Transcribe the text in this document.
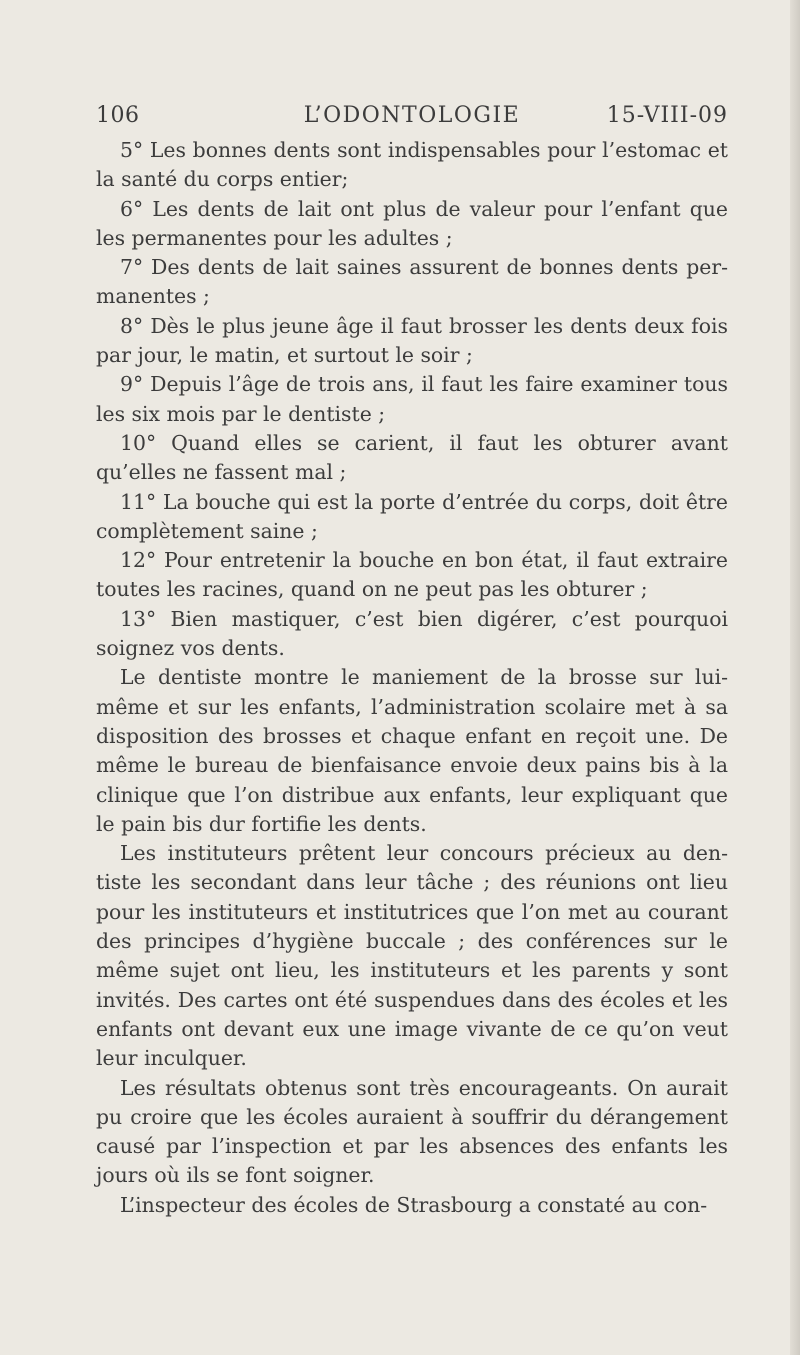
106	L’ODONTOLOGIE	15-VIII-09

5° Les bonnes dents sont indispensables pour l’estomac et la santé du corps entier;

6° Les dents de lait ont plus de valeur pour l’enfant que les permanentes pour les adultes ;

7° Des dents de lait saines assurent de bonnes dents per-manentes ;

8° Dès le plus jeune âge il faut brosser les dents deux fois par jour, le matin, et surtout le soir ;

9° Depuis l’âge de trois ans, il faut les faire examiner tous les six mois par le dentiste ;

10° Quand elles se carient, il faut les obturer avant qu’elles ne fassent mal ;

11° La bouche qui est la porte d’entrée du corps, doit être complètement saine ;

12° Pour entretenir la bouche en bon état, il faut extraire toutes les racines, quand on ne peut pas les obturer ;

13° Bien mastiquer, c’est bien digérer, c’est pourquoi soignez vos dents.

Le dentiste montre le maniement de la brosse sur lui-même et sur les enfants, l’administration scolaire met à sa disposition des brosses et chaque enfant en reçoit une. De même le bureau de bienfaisance envoie deux pains bis à la clinique que l’on distribue aux enfants, leur expliquant que le pain bis dur fortifie les dents.

Les instituteurs prêtent leur concours précieux au den-tiste les secondant dans leur tâche ; des réunions ont lieu pour les instituteurs et institutrices que l’on met au courant des principes d’hygiène buccale ; des conférences sur le même sujet ont lieu, les instituteurs et les parents y sont invités. Des cartes ont été suspendues dans des écoles et les enfants ont devant eux une image vivante de ce qu’on veut leur inculquer.

Les résultats obtenus sont très encourageants. On aurait pu croire que les écoles auraient à souffrir du dérangement causé par l’inspection et par les absences des enfants les jours où ils se font soigner.

L’inspecteur des écoles de Strasbourg a constaté au con-
